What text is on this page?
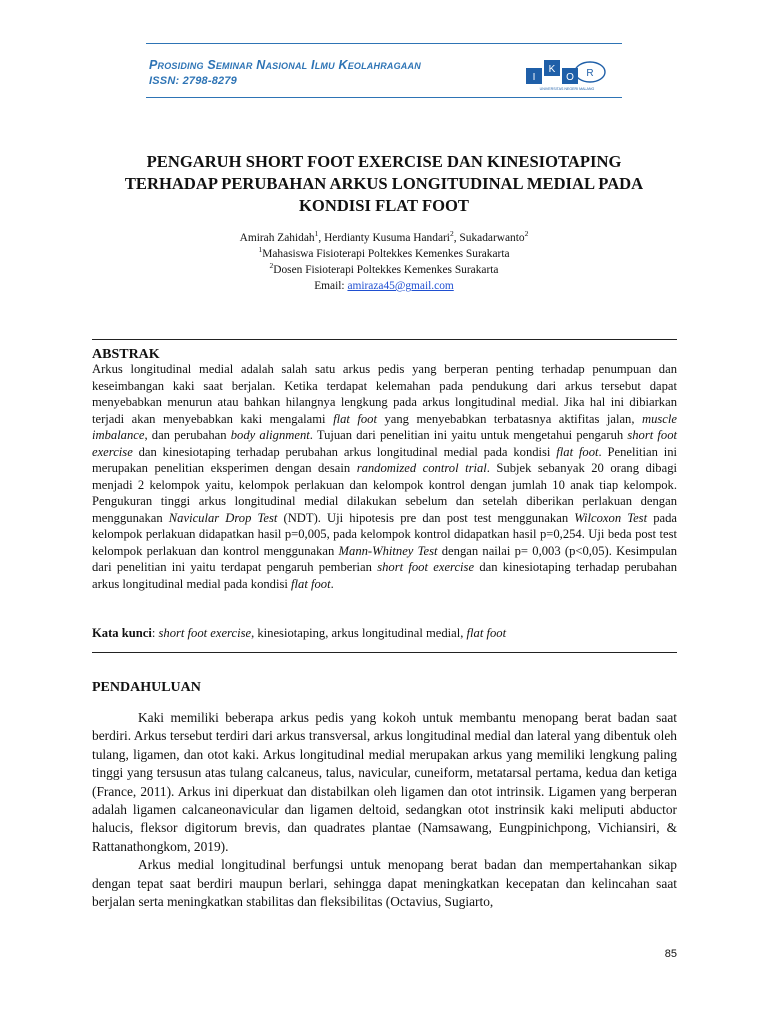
Prosiding Seminar Nasional Ilmu Keolahragaan
ISSN: 2798-8279	I
K
O R
UNIVERSITAS NEGERI MALANG
PENGARUH SHORT FOOT EXERCISE DAN KINESIOTAPING
TERHADAP PERUBAHAN ARKUS LONGITUDINAL MEDIAL PADA
KONDISI FLAT FOOT
Amirah Zahidah$^1$, Herdianty Kusuma Handari$^2$, Sukadarwanto$^2$
$^1$Mahasiswa Fisioterapi Poltekkes Kemenkes Surakarta
$^2$Dosen Fisioterapi Poltekkes Kemenkes Surakarta
Email: amiraza45@gmail.com
ABSTRAK
Arkus longitudinal medial adalah salah satu arkus pedis yang berperan penting terhadap penumpuan dan keseimbangan kaki saat berjalan. Ketika terdapat kelemahan pada pendukung dari arkus tersebut dapat menyebabkan menurun atau bahkan hilangnya lengkung pada arkus longitudinal medial. Jika hal ini dibiarkan terjadi akan menyebabkan kaki mengalami flat foot yang menyebabkan terbatasnya aktifitas jalan, muscle imbalance, dan perubahan body alignment. Tujuan dari penelitian ini yaitu untuk mengetahui pengaruh short foot exercise dan kinesiotaping terhadap perubahan arkus longitudinal medial pada kondisi flat foot. Penelitian ini merupakan penelitian eksperimen dengan desain randomized control trial. Subjek sebanyak 20 orang dibagi menjadi 2 kelompok yaitu, kelompok perlakuan dan kelompok kontrol dengan jumlah 10 anak tiap kelompok. Pengukuran tinggi arkus longitudinal medial dilakukan sebelum dan setelah diberikan perlakuan dengan menggunakan Navicular Drop Test (NDT). Uji hipotesis pre dan post test menggunakan Wilcoxon Test pada kelompok perlakuan didapatkan hasil p=0,005, pada kelompok kontrol didapatkan hasil p=0,254. Uji beda post test kelompok perlakuan dan kontrol menggunakan Mann-Whitney Test dengan nailai p= 0,003 (p<0,05). Kesimpulan dari penelitian ini yaitu terdapat pengaruh pemberian short foot exercise dan kinesiotaping terhadap perubahan arkus longitudinal medial pada kondisi flat foot.
Kata kunci: short foot exercise, kinesiotaping, arkus longitudinal medial, flat foot
PENDAHULUAN

Kaki memiliki beberapa arkus pedis yang kokoh untuk membantu menopang berat badan saat berdiri. Arkus tersebut terdiri dari arkus transversal, arkus longitudinal medial dan lateral yang dibentuk oleh tulang, ligamen, dan otot kaki. Arkus longitudinal medial merupakan arkus yang memiliki lengkung paling tinggi yang tersusun atas tulang calcaneus, talus, navicular, cuneiform, metatarsal pertama, kedua dan ketiga (France, 2011). Arkus ini diperkuat dan distabilkan oleh ligamen dan otot intrinsik. Ligamen yang berperan adalah ligamen calcaneonavicular dan ligamen deltoid, sedangkan otot instrinsik kaki meliputi abductor halucis, fleksor digitorum brevis, dan quadrates plantae (Namsawang, Eungpinichpong, Vichiansiri, & Rattanathongkom, 2019).

Arkus medial longitudinal berfungsi untuk menopang berat badan dan mempertahankan sikap dengan tepat saat berdiri maupun berlari, sehingga dapat meningkatkan kecepatan dan kelincahan saat berjalan serta meningkatkan stabilitas dan fleksibilitas (Octavius, Sugiarto,

85
